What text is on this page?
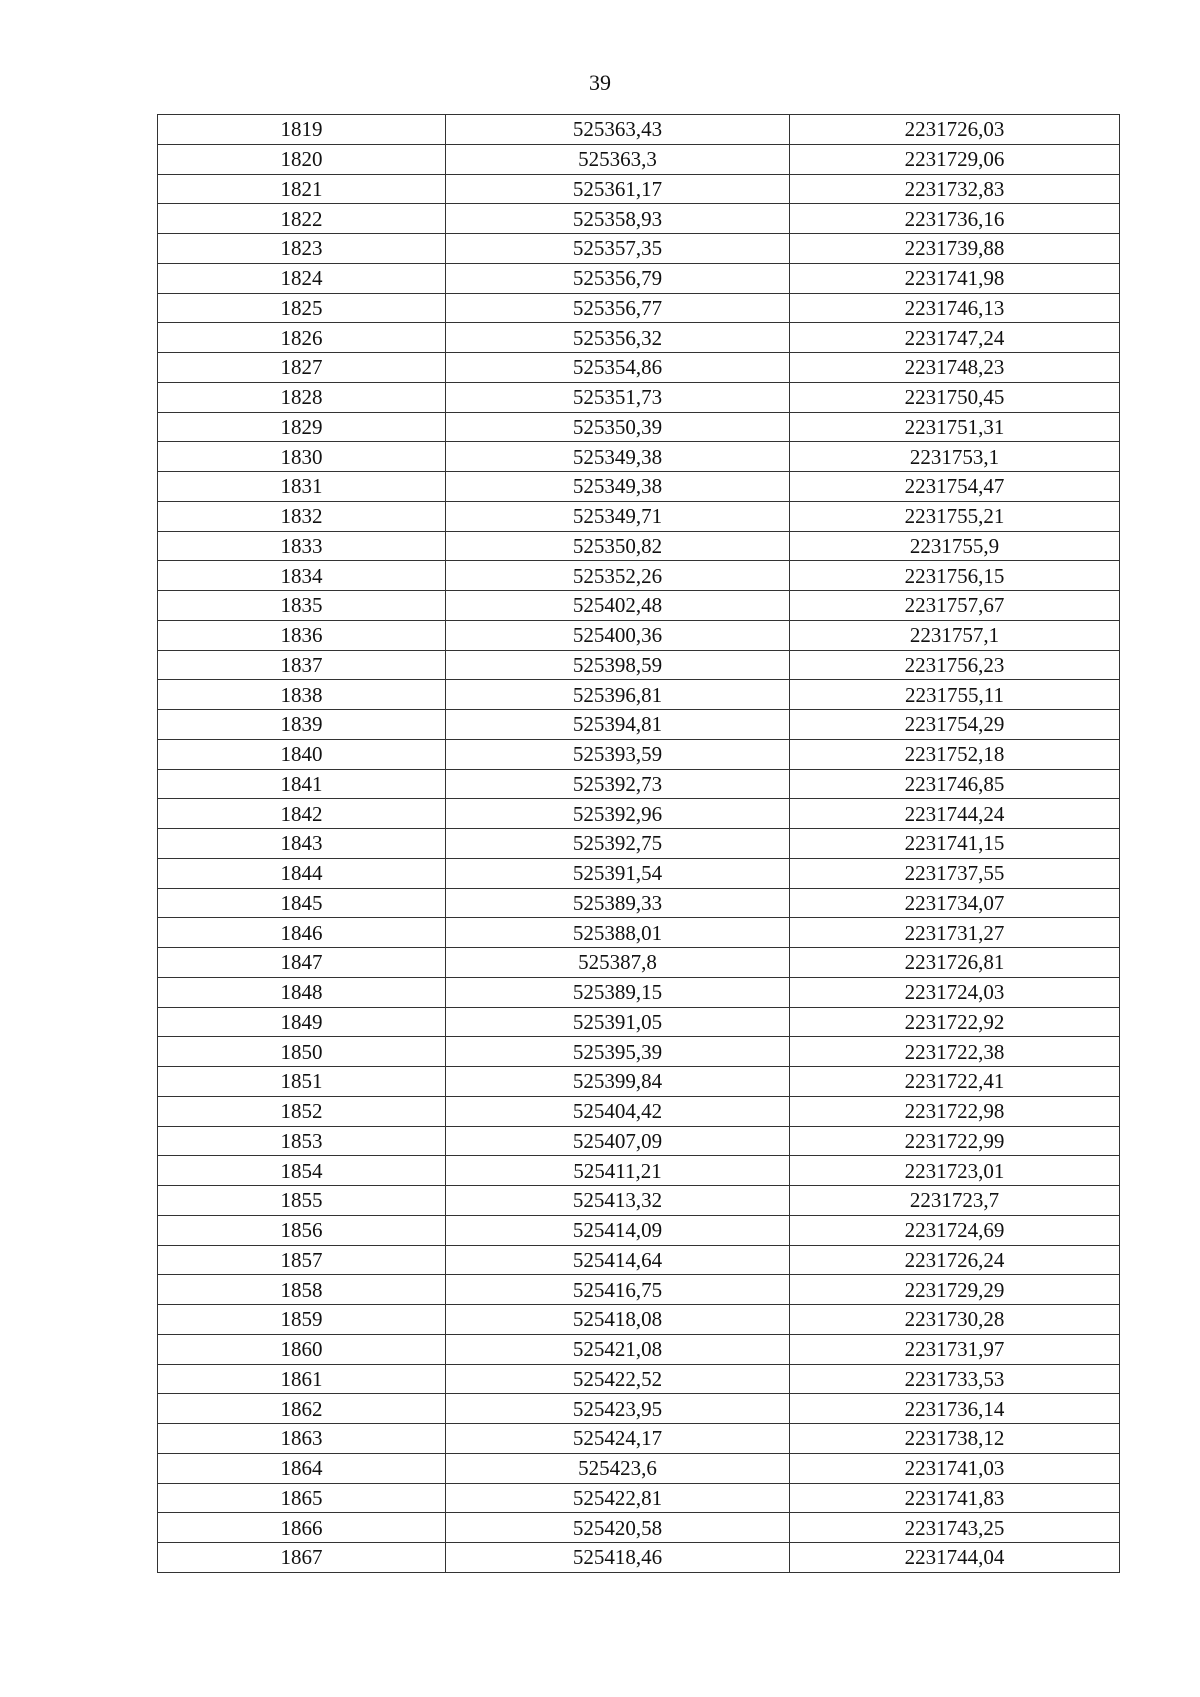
39
1819	525363,43	2231726,03
1820	525363,3	2231729,06
1821	525361,17	2231732,83
1822	525358,93	2231736,16
1823	525357,35	2231739,88
1824	525356,79	2231741,98
1825	525356,77	2231746,13
1826	525356,32	2231747,24
1827	525354,86	2231748,23
1828	525351,73	2231750,45
1829	525350,39	2231751,31
1830	525349,38	2231753,1
1831	525349,38	2231754,47
1832	525349,71	2231755,21
1833	525350,82	2231755,9
1834	525352,26	2231756,15
1835	525402,48	2231757,67
1836	525400,36	2231757,1
1837	525398,59	2231756,23
1838	525396,81	2231755,11
1839	525394,81	2231754,29
1840	525393,59	2231752,18
1841	525392,73	2231746,85
1842	525392,96	2231744,24
1843	525392,75	2231741,15
1844	525391,54	2231737,55
1845	525389,33	2231734,07
1846	525388,01	2231731,27
1847	525387,8	2231726,81
1848	525389,15	2231724,03
1849	525391,05	2231722,92
1850	525395,39	2231722,38
1851	525399,84	2231722,41
1852	525404,42	2231722,98
1853	525407,09	2231722,99
1854	525411,21	2231723,01
1855	525413,32	2231723,7
1856	525414,09	2231724,69
1857	525414,64	2231726,24
1858	525416,75	2231729,29
1859	525418,08	2231730,28
1860	525421,08	2231731,97
1861	525422,52	2231733,53
1862	525423,95	2231736,14
1863	525424,17	2231738,12
1864	525423,6	2231741,03
1865	525422,81	2231741,83
1866	525420,58	2231743,25
1867	525418,46	2231744,04
